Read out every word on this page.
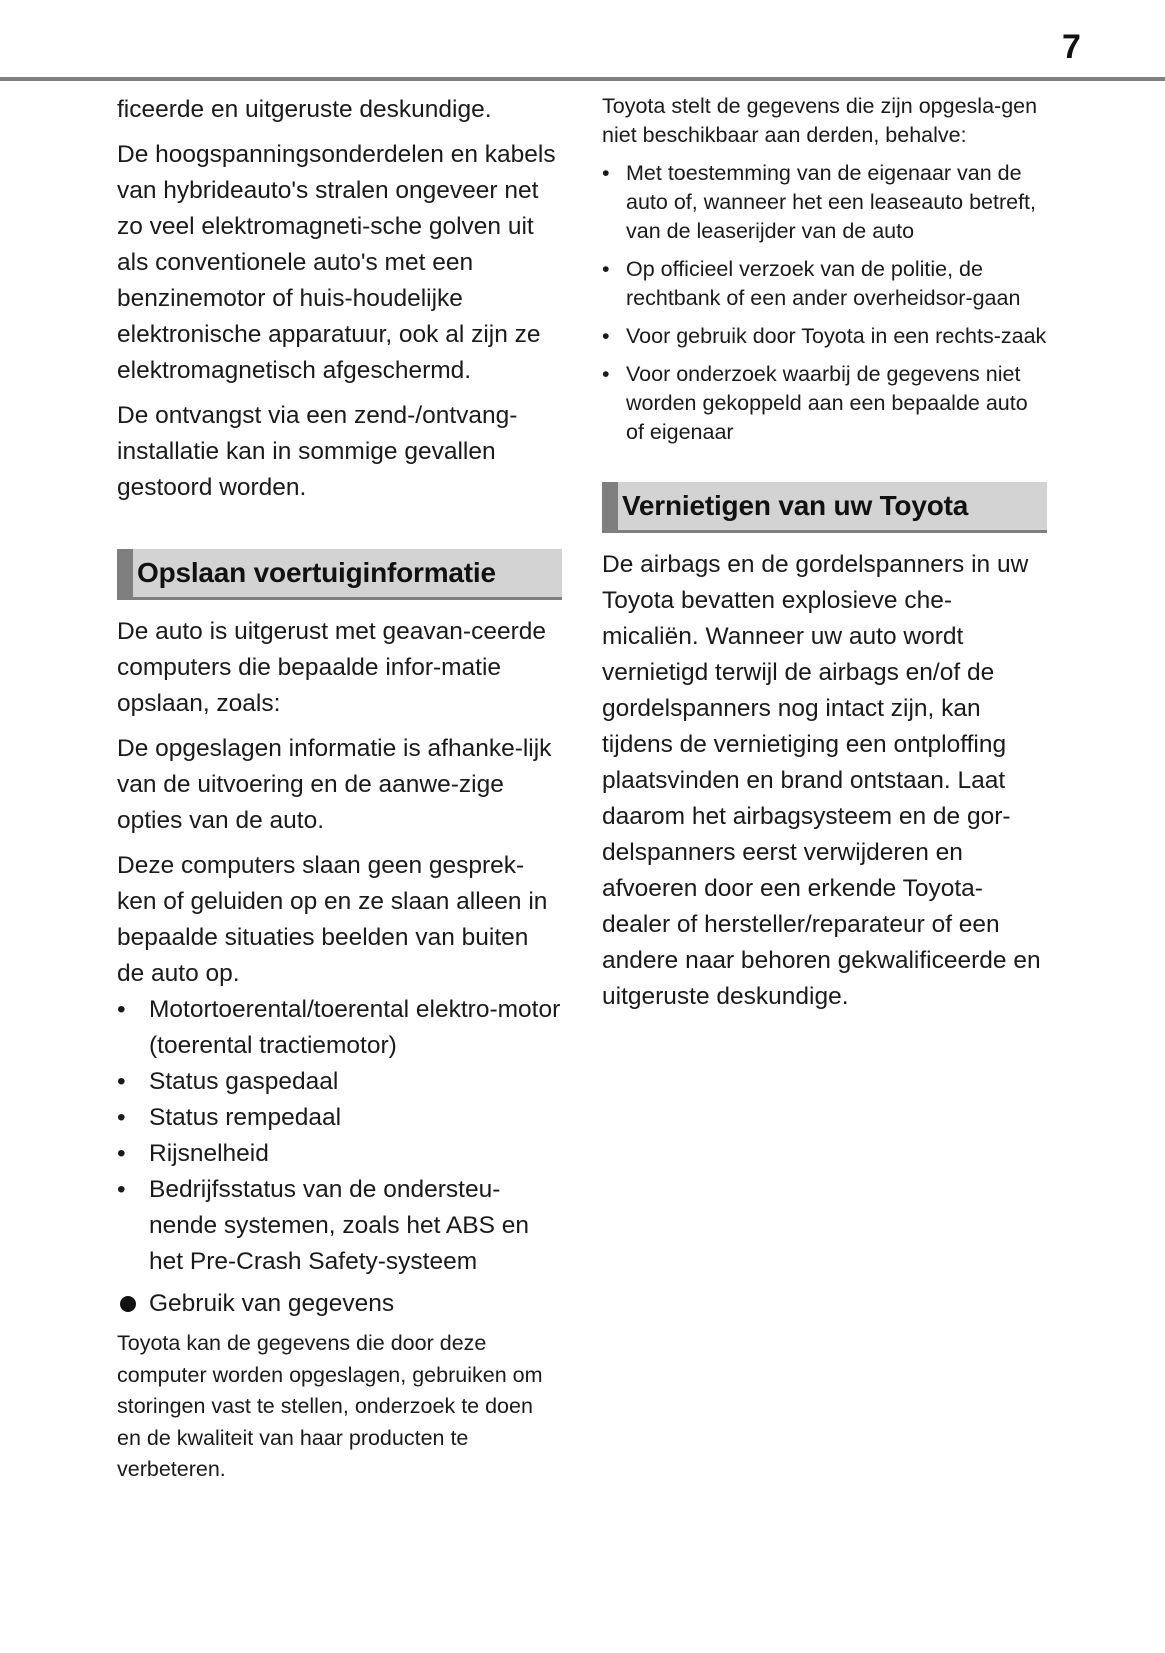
7

ficeerde en uitgeruste deskundige.

De hoogspanningsonderdelen en kabels van hybrideauto's stralen ongeveer net zo veel elektromagneti-sche golven uit als conventionele auto's met een benzinemotor of huis-houdelijke elektronische apparatuur, ook al zijn ze elektromagnetisch afgeschermd.

De ontvangst via een zend-/ontvang-installatie kan in sommige gevallen gestoord worden.

Opslaan voertuiginformatie

De auto is uitgerust met geavan-ceerde computers die bepaalde infor-matie opslaan, zoals:

De opgeslagen informatie is afhanke-lijk van de uitvoering en de aanwe-zige opties van de auto.

Deze computers slaan geen gesprek-ken of geluiden op en ze slaan alleen in bepaalde situaties beelden van buiten de auto op.

• Motortoerental/toerental elektro-motor (toerental tractiemotor)
• Status gaspedaal
• Status rempedaal
• Rijsnelheid
• Bedrijfsstatus van de ondersteu-nende systemen, zoals het ABS en het Pre-Crash Safety-systeem
Gebruik van gegevens

Toyota kan de gegevens die door deze computer worden opgeslagen, gebruiken om storingen vast te stellen, onderzoek te doen en de kwaliteit van haar producten te verbeteren.

Toyota stelt de gegevens die zijn opgesla-gen niet beschikbaar aan derden, behalve:

• Met toestemming van de eigenaar van de auto of, wanneer het een leaseauto betreft, van de leaserijder van de auto
• Op officieel verzoek van de politie, de rechtbank of een ander overheidsor-gaan
• Voor gebruik door Toyota in een rechts-zaak
• Voor onderzoek waarbij de gegevens niet worden gekoppeld aan een bepaalde auto of eigenaar
Vernietigen van uw Toyota

De airbags en de gordelspanners in uw Toyota bevatten explosieve che-micaliën. Wanneer uw auto wordt vernietigd terwijl de airbags en/of de gordelspanners nog intact zijn, kan tijdens de vernietiging een ontploffing plaatsvinden en brand ontstaan. Laat daarom het airbagsysteem en de gor-delspanners eerst verwijderen en afvoeren door een erkende Toyota-dealer of hersteller/reparateur of een andere naar behoren gekwalificeerde en uitgeruste deskundige.
